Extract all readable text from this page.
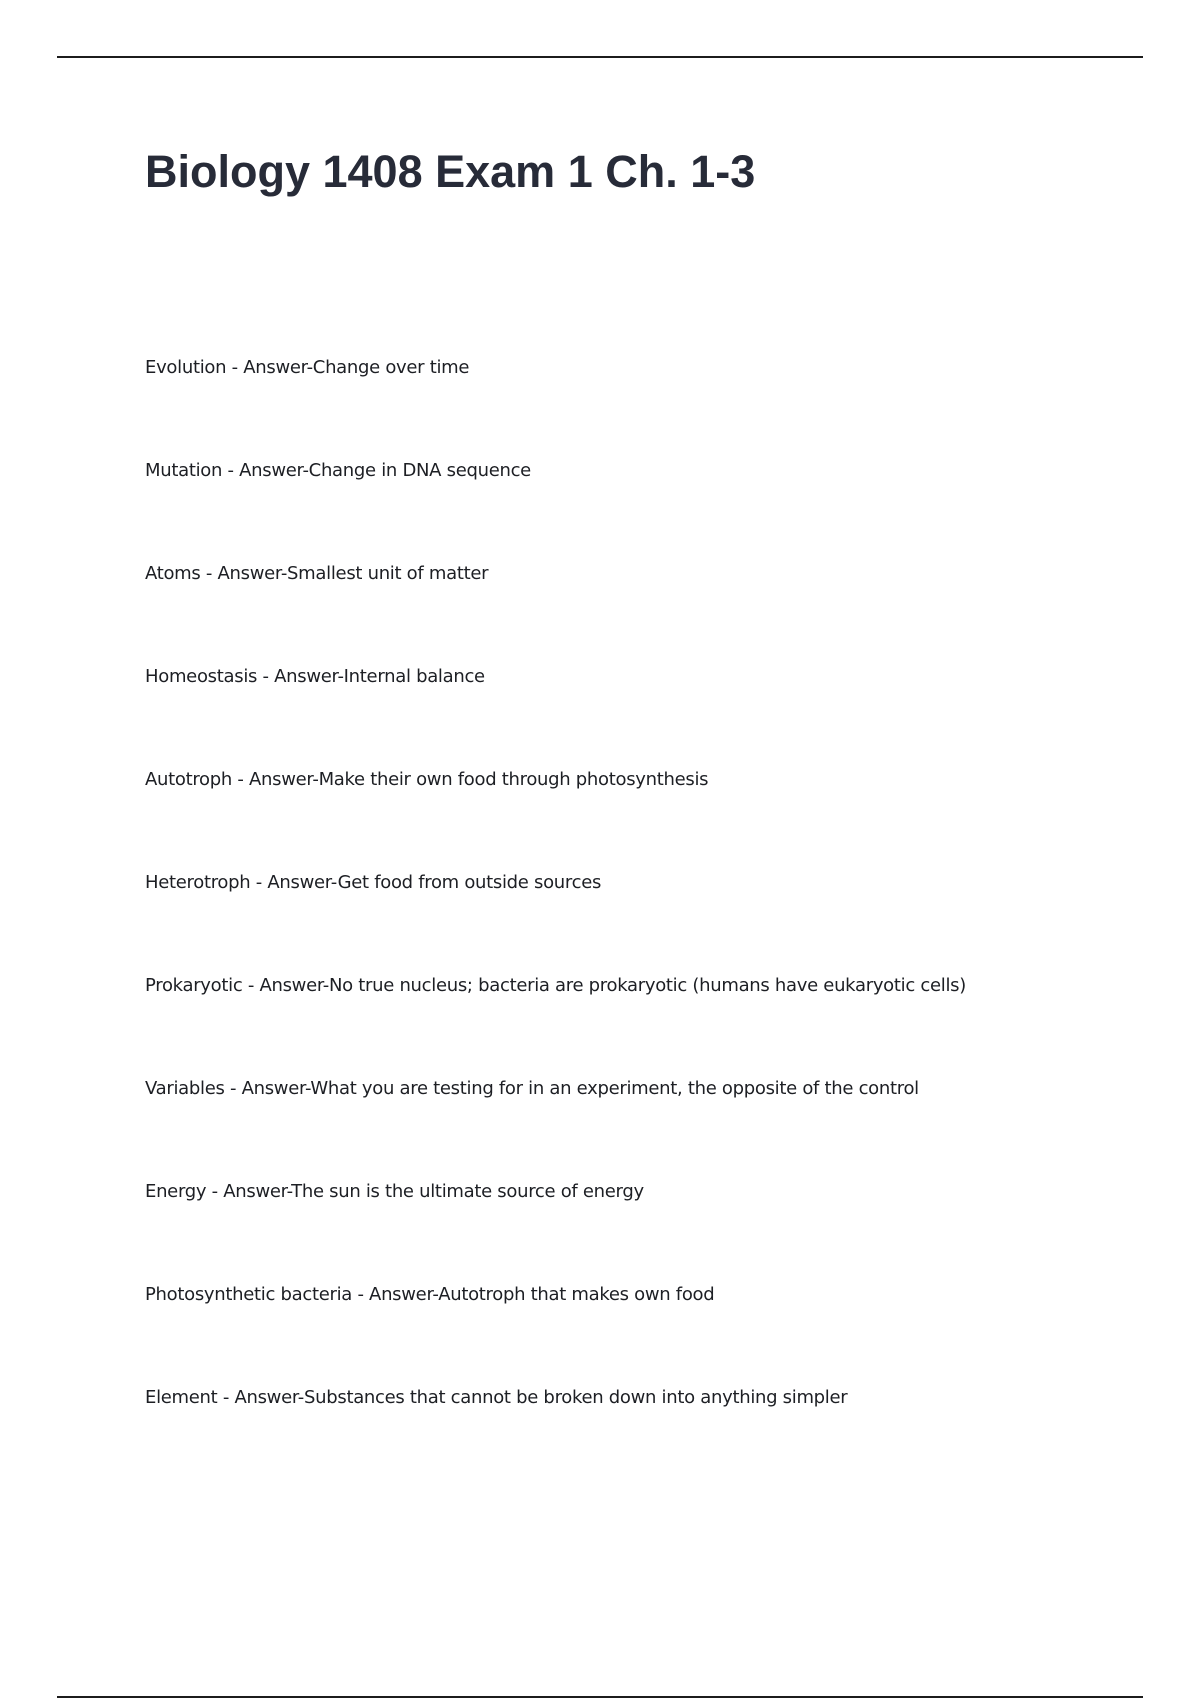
Biology 1408 Exam 1 Ch. 1-3
Evolution - Answer-Change over time
Mutation - Answer-Change in DNA sequence
Atoms - Answer-Smallest unit of matter
Homeostasis - Answer-Internal balance
Autotroph - Answer-Make their own food through photosynthesis
Heterotroph - Answer-Get food from outside sources
Prokaryotic - Answer-No true nucleus; bacteria are prokaryotic (humans have eukaryotic cells)
Variables - Answer-What you are testing for in an experiment, the opposite of the control
Energy - Answer-The sun is the ultimate source of energy
Photosynthetic bacteria - Answer-Autotroph that makes own food
Element - Answer-Substances that cannot be broken down into anything simpler
